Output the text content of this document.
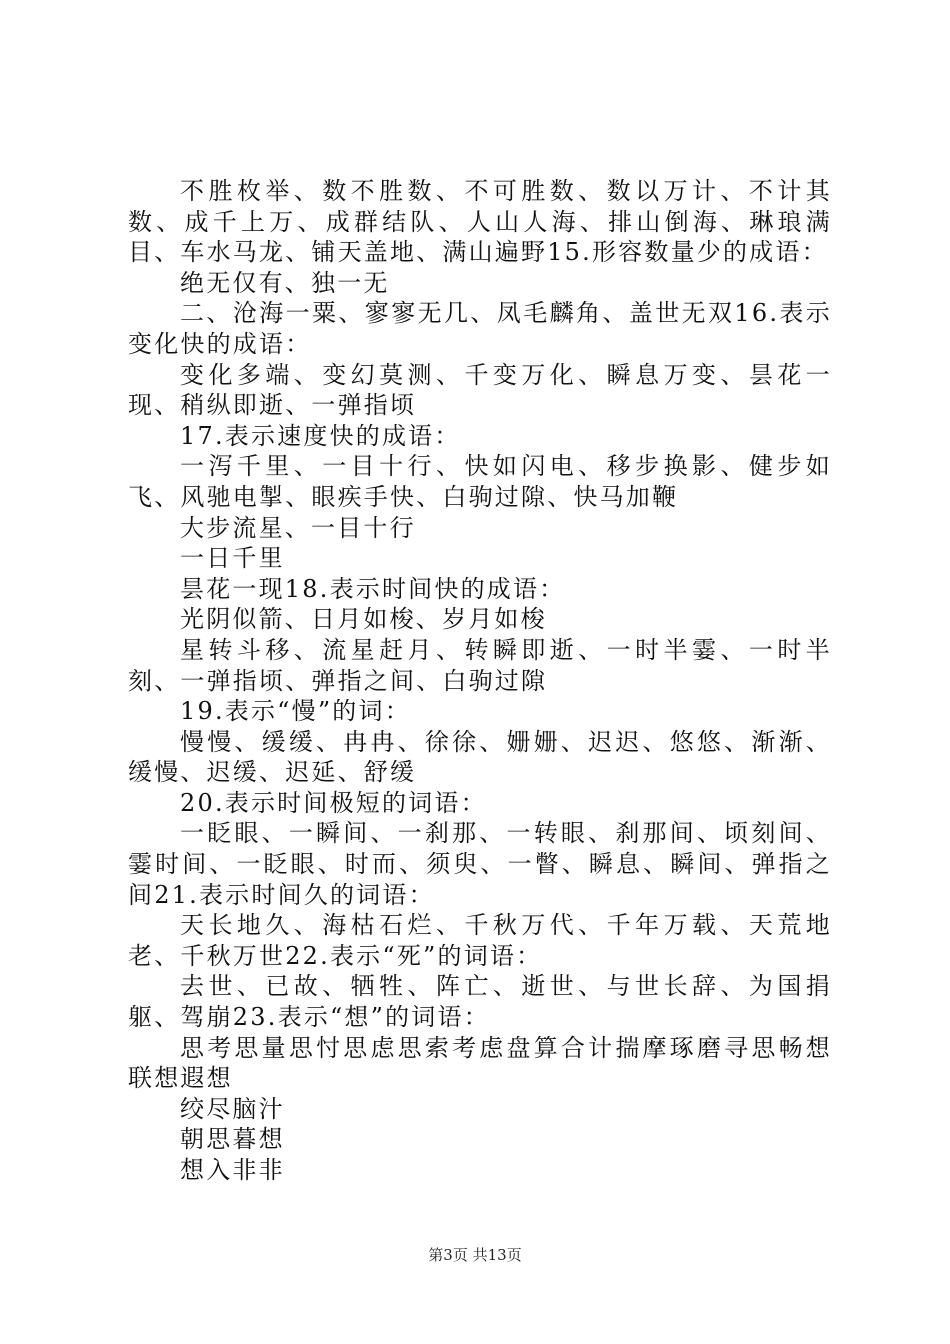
不胜枚举、数不胜数、不可胜数、数以万计、不计其数、成千上万、成群结队、人山人海、排山倒海、琳琅满目、车水马龙、铺天盖地、满山遍野15.形容数量少的成语：

绝无仅有、独一无

二、沧海一粟、寥寥无几、凤毛麟角、盖世无双16.表示变化快的成语：

变化多端、变幻莫测、千变万化、瞬息万变、昙花一现、稍纵即逝、一弹指顷

17.表示速度快的成语：

一泻千里、一目十行、快如闪电、移步换影、健步如飞、风驰电掣、眼疾手快、白驹过隙、快马加鞭

大步流星、一目十行

一日千里

昙花一现18.表示时间快的成语：

光阴似箭、日月如梭、岁月如梭

星转斗移、流星赶月、转瞬即逝、一时半霎、一时半刻、一弹指顷、弹指之间、白驹过隙

19.表示“慢”的词：

慢慢、缓缓、冉冉、徐徐、姗姗、迟迟、悠悠、渐渐、缓慢、迟缓、迟延、舒缓

20.表示时间极短的词语：

一眨眼、一瞬间、一刹那、一转眼、刹那间、顷刻间、霎时间、一眨眼、时而、须臾、一瞥、瞬息、瞬间、弹指之间21.表示时间久的词语：

天长地久、海枯石烂、千秋万代、千年万载、天荒地老、千秋万世22.表示“死”的词语：

去世、已故、牺牲、阵亡、逝世、与世长辞、为国捐躯、驾崩23.表示“想”的词语：

思考思量思忖思虑思索考虑盘算合计揣摩琢磨寻思畅想联想遐想

绞尽脑汁

朝思暮想

想入非非

第3页 共13页
